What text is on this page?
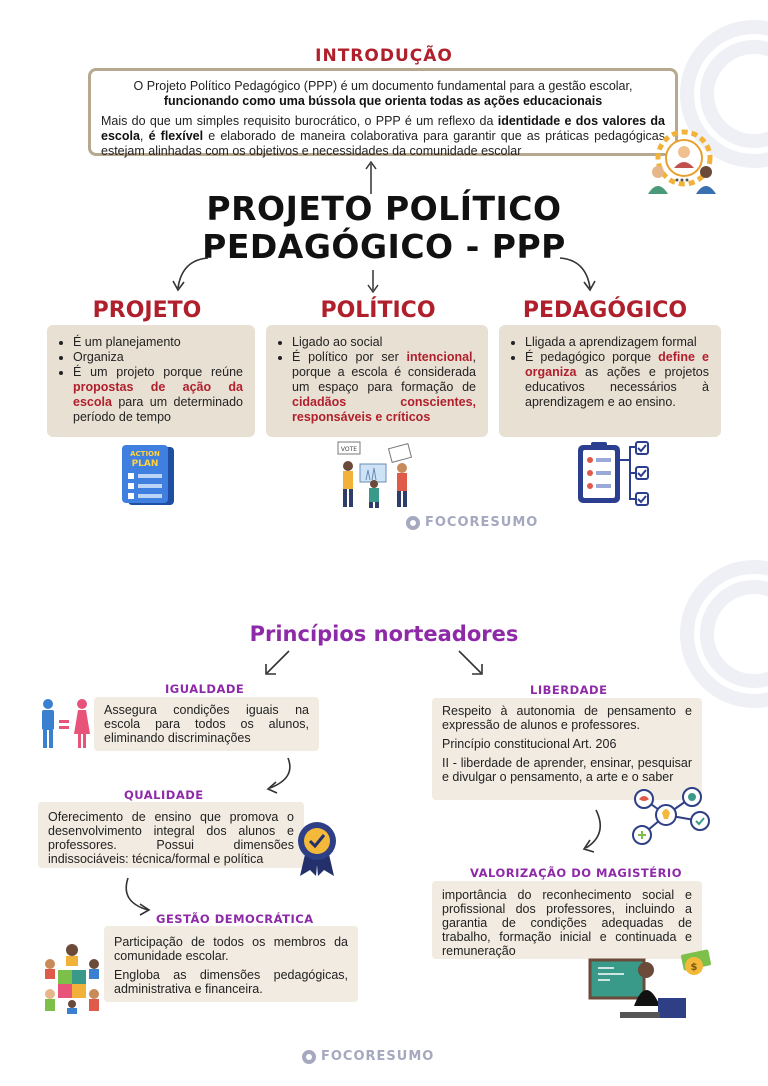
INTRODUÇÃO

O Projeto Político Pedagógico (PPP) é um documento fundamental para a gestão escolar, funcionando como uma bússola que orienta todas as ações educacionais

Mais do que um simples requisito burocrático, o PPP é um reflexo da identidade e dos valores da escola, é flexível e elaborado de maneira colaborativa para garantir que as práticas pedagógicas estejam alinhadas com os objetivos e necessidades da comunidade escolar

PROJETO POLÍTICO
PEDAGÓGICO - PPP
PROJETO	POLÍTICO	PEDAGÓGICO
• É um planejamento
• Organiza
• É um projeto porque reúne propostas de ação da escola para um determinado período de tempo
• Ligado ao social
• É político por ser intencional, porque a escola é considerada um espaço para formação de cidadãos conscientes, responsáveis e críticos
• Lligada a aprendizagem formal
• É pedagógico porque define e organiza as ações e projetos educativos necessários à aprendizagem e ao ensino.
ACTION
PLAN
VOTE
FOCORESUMO
Princípios norteadores
IGUALDADE

Assegura condições iguais na escola para todos os alunos, eliminando discriminações

QUALIDADE

Oferecimento de ensino que promova o desenvolvimento integral dos alunos e professores. Possui dimensões indissociáveis: técnica/formal e política

GESTÃO DEMOCRÁTICA

Participação de todos os membros da comunidade escolar.

Engloba as dimensões pedagógicas, administrativa e financeira.

LIBERDADE

Respeito à autonomia de pensamento e expressão de alunos e professores.

Princípio constitucional Art. 206

II - liberdade de aprender, ensinar, pesquisar e divulgar o pensamento, a arte e o saber

VALORIZAÇÃO DO MAGISTÉRIO

importância do reconhecimento social e profissional dos professores, incluindo a garantia de condições adequadas de trabalho, formação inicial e continuada e remuneração

$
FOCORESUMO
